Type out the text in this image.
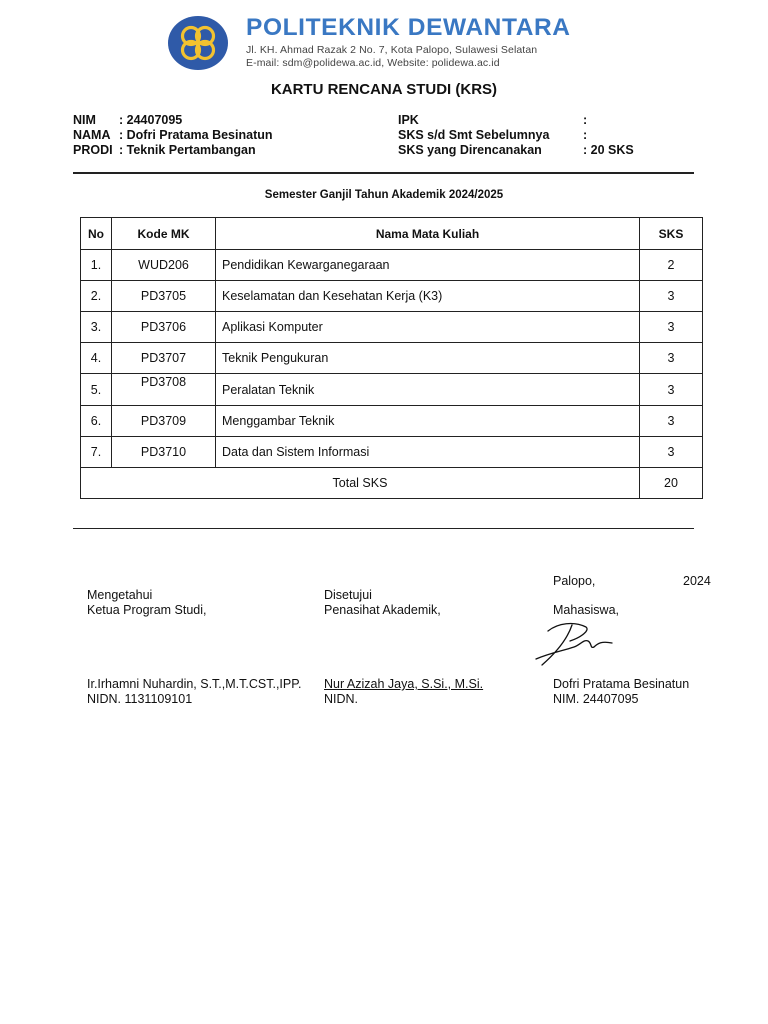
POLITEKNIK DEWANTARA
Jl. KH. Ahmad Razak 2 No. 7, Kota Palopo, Sulawesi Selatan
E-mail: sdm@polidewa.ac.id, Website: polidewa.ac.id
KARTU RENCANA STUDI (KRS)
NIM : 24407095
NAMA : Dofri Pratama Besinatun
PRODI : Teknik Pertambangan
IPK	:
SKS s/d Smt Sebelumnya	:
SKS yang Direncanakan	: 20 SKS
Semester Ganjil Tahun Akademik 2024/2025
No	Kode MK	Nama Mata Kuliah	SKS
1.	WUD206	Pendidikan Kewarganegaraan	2
2.	PD3705	Keselamatan dan Kesehatan Kerja (K3)	3
3.	PD3706	Aplikasi Komputer	3
4.	PD3707	Teknik Pengukuran	3
5.	PD3708	Peralatan Teknik	3
6.	PD3709	Menggambar Teknik	3
7.	PD3710	Data dan Sistem Informasi	3
Total SKS			20
Palopo,	2024
Mengetahui
Ketua Program Studi,
Ir.Irhamni Nuhardin, S.T.,M.T.CST.,IPP.
NIDN. 1131109101
Disetujui
Penasihat Akademik,
Nur Azizah Jaya, S.Si., M.Si.
NIDN.
Mahasiswa,
Dofri Pratama Besinatun
NIM. 24407095
